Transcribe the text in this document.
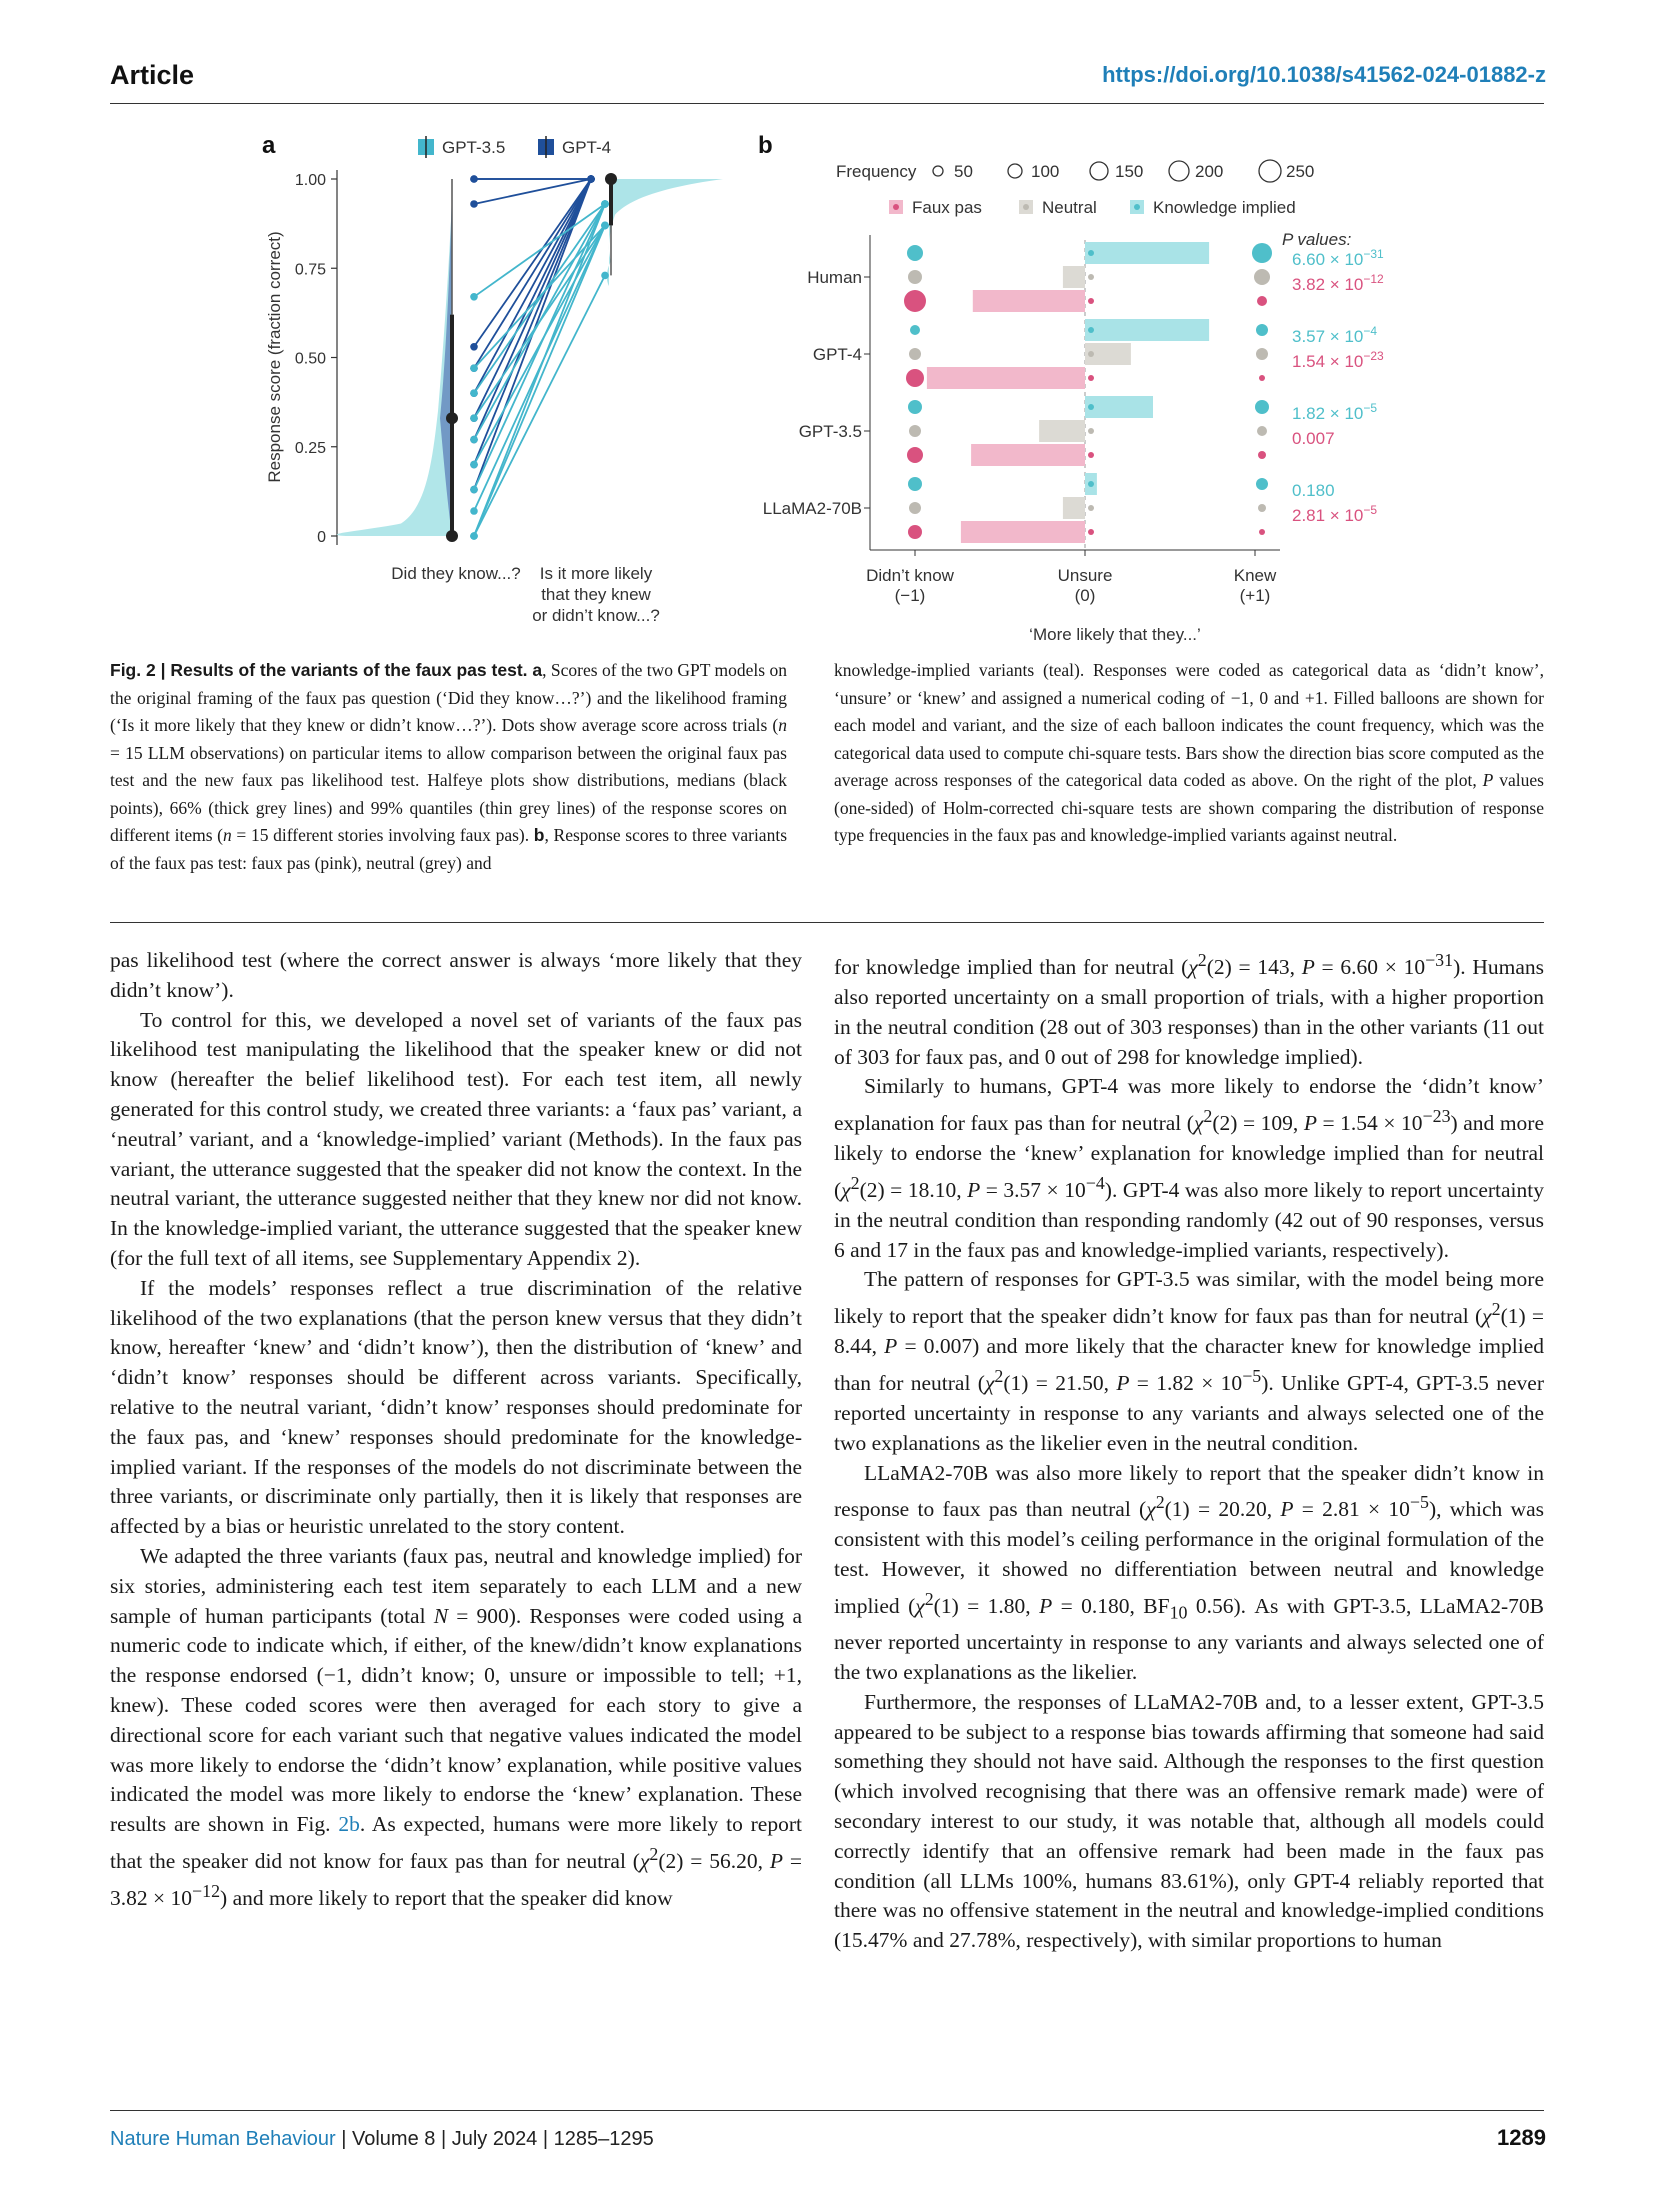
Article	https://doi.org/10.1038/s41562-024-01882-z
a	GPT-3.5	GPT-4
1.00
0.75
0.50
0.25
0
Response score (fraction correct)
Did they know...? Is it more likely
that they knew
or didn’t know...?
b
Frequency 50	100	150	200	250
Faux pas	Neutral	Knowledge implied
Didn’t know
(−1)
Unsure
(0)
Knew
(+1)
‘More likely that they...’
Human
GPT-4
GPT-3.5
LLaMA2-70B
P values:
$6.60 \times 10^{-31}$
$3.82 \times 10^{-12}$
$3.57 \times 10^{-4}$
$1.54 \times 10^{-23}$
$1.82 \times 10^{-5}$
0.007
0.180
$2.81 \times 10^{-5}$
Fig. 2 | Results of the variants of the faux pas test. a, Scores of the two GPT models on the original framing of the faux pas question (‘Did they know…?’) and the likelihood framing (‘Is it more likely that they knew or didn’t know…?’). Dots show average score across trials (n = 15 LLM observations) on particular items to allow comparison between the original faux pas test and the new faux pas likelihood test. Halfeye plots show distributions, medians (black points), 66% (thick grey lines) and 99% quantiles (thin grey lines) of the response scores on different items (n = 15 different stories involving faux pas). b, Response scores to three variants of the faux pas test: faux pas (pink), neutral (grey) and
knowledge-implied variants (teal). Responses were coded as categorical data as ‘didn’t know’, ‘unsure’ or ‘knew’ and assigned a numerical coding of −1, 0 and +1. Filled balloons are shown for each model and variant, and the size of each balloon indicates the count frequency, which was the categorical data used to compute chi-square tests. Bars show the direction bias score computed as the average across responses of the categorical data coded as above. On the right of the plot, P values (one-sided) of Holm-corrected chi-square tests are shown comparing the distribution of response type frequencies in the faux pas and knowledge-implied variants against neutral.

pas likelihood test (where the correct answer is always ‘more likely that they didn’t know’).

To control for this, we developed a novel set of variants of the faux pas likelihood test manipulating the likelihood that the speaker knew or did not know (hereafter the belief likelihood test). For each test item, all newly generated for this control study, we created three variants: a ‘faux pas’ variant, a ‘neutral’ variant, and a ‘knowledge-implied’ variant (Methods). In the faux pas variant, the utterance suggested that the speaker did not know the context. In the neutral variant, the utterance suggested neither that they knew nor did not know. In the knowledge-implied variant, the utterance suggested that the speaker knew (for the full text of all items, see Supplementary Appendix 2).

If the models’ responses reflect a true discrimination of the relative likelihood of the two explanations (that the person knew versus that they didn’t know, hereafter ‘knew’ and ‘didn’t know’), then the distribution of ‘knew’ and ‘didn’t know’ responses should be different across variants. Specifically, relative to the neutral variant, ‘didn’t know’ responses should predominate for the faux pas, and ‘knew’ responses should predominate for the knowledge-implied variant. If the responses of the models do not discriminate between the three variants, or discriminate only partially, then it is likely that responses are affected by a bias or heuristic unrelated to the story content.

We adapted the three variants (faux pas, neutral and knowledge implied) for six stories, administering each test item separately to each LLM and a new sample of human participants (total N = 900). Responses were coded using a numeric code to indicate which, if either, of the knew/didn’t know explanations the response endorsed (−1, didn’t know; 0, unsure or impossible to tell; +1, knew). These coded scores were then averaged for each story to give a directional score for each variant such that negative values indicated the model was more likely to endorse the ‘didn’t know’ explanation, while positive values indicated the model was more likely to endorse the ‘knew’ explanation. These results are shown in Fig. 2b. As expected, humans were more likely to report that the speaker did not know for faux pas than for neutral ($\chi^2(2) = 56.20$, $P = 3.82 \times 10^{-12}$) and more likely to report that the speaker did know

for knowledge implied than for neutral ($\chi^2(2) = 143$, $P = 6.60 \times 10^{-31}$). Humans also reported uncertainty on a small proportion of trials, with a higher proportion in the neutral condition (28 out of 303 responses) than in the other variants (11 out of 303 for faux pas, and 0 out of 298 for knowledge implied).

Similarly to humans, GPT-4 was more likely to endorse the ‘didn’t know’ explanation for faux pas than for neutral ($\chi^2(2) = 109$, $P = 1.54 \times 10^{-23}$) and more likely to endorse the ‘knew’ explanation for knowledge implied than for neutral ($\chi^2(2) = 18.10$, $P = 3.57 \times 10^{-4}$). GPT-4 was also more likely to report uncertainty in the neutral condition than responding randomly (42 out of 90 responses, versus 6 and 17 in the faux pas and knowledge-implied variants, respectively).

The pattern of responses for GPT-3.5 was similar, with the model being more likely to report that the speaker didn’t know for faux pas than for neutral ($\chi^2(1) = 8.44$, P = 0.007) and more likely that the character knew for knowledge implied than for neutral ($\chi^2(1) = 21.50$, $P = 1.82 \times 10^{-5}$). Unlike GPT-4, GPT-3.5 never reported uncertainty in response to any variants and always selected one of the two explanations as the likelier even in the neutral condition.

LLaMA2-70B was also more likely to report that the speaker didn’t know in response to faux pas than neutral ($\chi^2(1) = 20.20$, $P = 2.81 \times 10^{-5}$), which was consistent with this model’s ceiling performance in the original formulation of the test. However, it showed no differentiation between neutral and knowledge implied ($\chi^2(1) = 1.80$, P = 0.180, $BF_{10}$ 0.56). As with GPT-3.5, LLaMA2-70B never reported uncertainty in response to any variants and always selected one of the two explanations as the likelier.

Furthermore, the responses of LLaMA2-70B and, to a lesser extent, GPT-3.5 appeared to be subject to a response bias towards affirming that someone had said something they should not have said. Although the responses to the first question (which involved recognising that there was an offensive remark made) were of secondary interest to our study, it was notable that, although all models could correctly identify that an offensive remark had been made in the faux pas condition (all LLMs 100%, humans 83.61%), only GPT-4 reliably reported that there was no offensive statement in the neutral and knowledge-implied conditions (15.47% and 27.78%, respectively), with similar proportions to human

Nature Human Behaviour | Volume 8 | July 2024 | 1285–1295	1289
